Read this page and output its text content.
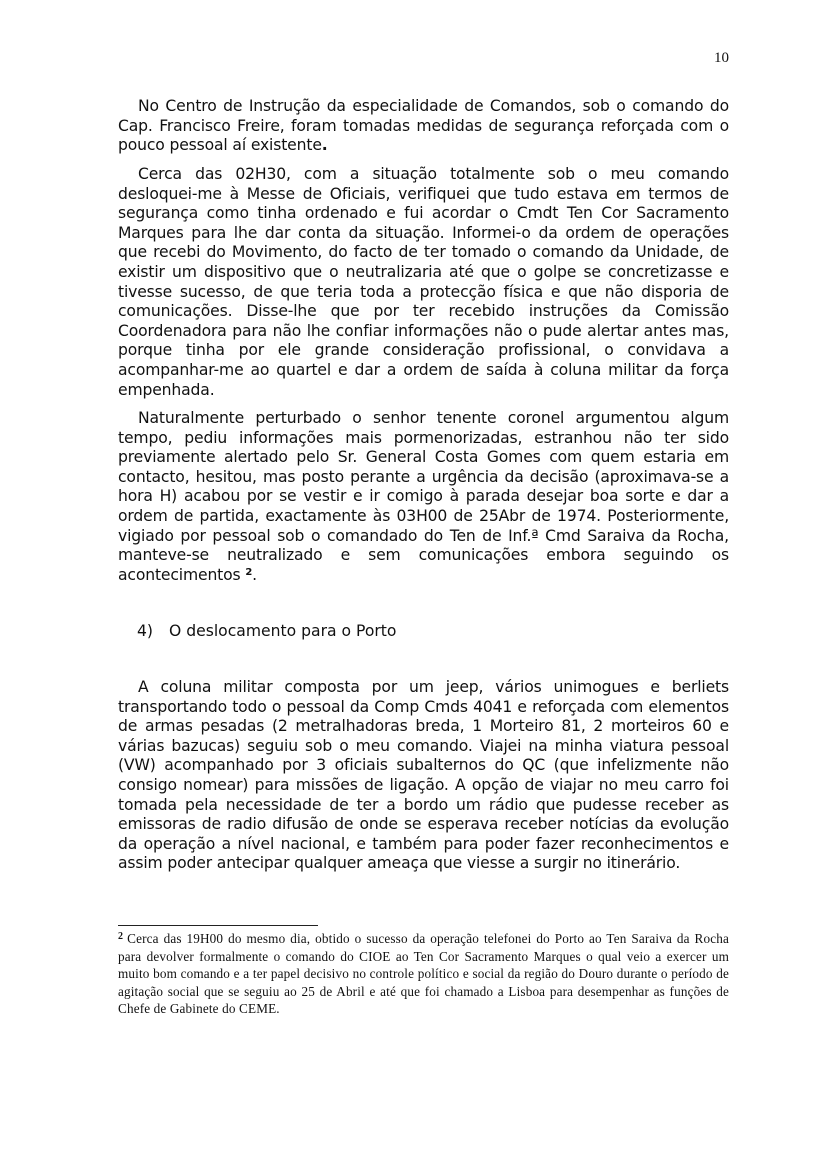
10

No Centro de Instrução da especialidade de Comandos, sob o comando do Cap. Francisco Freire, foram tomadas medidas de segurança reforçada com o pouco pessoal aí existente.

Cerca das 02H30, com a situação totalmente sob o meu comando desloquei-me à Messe de Oficiais, verifiquei que tudo estava em termos de segurança como tinha ordenado e fui acordar o Cmdt Ten Cor Sacramento Marques para lhe dar conta da situação. Informei-o da ordem de operações que recebi do Movimento, do facto de ter tomado o comando da Unidade, de existir um dispositivo que o neutralizaria até que o golpe se concretizasse e tivesse sucesso, de que teria toda a protecção física e que não disporia de comunicações. Disse-lhe que por ter recebido instruções da Comissão Coordenadora para não lhe confiar informações não o pude alertar antes mas, porque tinha por ele grande consideração profissional, o convidava a acompanhar-me ao quartel e dar a ordem de saída à coluna militar da força empenhada.

Naturalmente perturbado o senhor tenente coronel argumentou algum tempo, pediu informações mais pormenorizadas, estranhou não ter sido previamente alertado pelo Sr. General Costa Gomes com quem estaria em contacto, hesitou, mas posto perante a urgência da decisão (aproximava-se a hora H) acabou por se vestir e ir comigo à parada desejar boa sorte e dar a ordem de partida, exactamente às 03H00 de 25Abr de 1974. Posteriormente, vigiado por pessoal sob o comandado do Ten de Inf.ª Cmd Saraiva da Rocha, manteve-se neutralizado e sem comunicações embora seguindo os acontecimentos $^2$.

4) O deslocamento para o Porto

A coluna militar composta por um jeep, vários unimogues e berliets transportando todo o pessoal da Comp Cmds 4041 e reforçada com elementos de armas pesadas (2 metralhadoras breda, 1 Morteiro 81, 2 morteiros 60 e várias bazucas) seguiu sob o meu comando. Viajei na minha viatura pessoal (VW) acompanhado por 3 oficiais subalternos do QC (que infelizmente não consigo nomear) para missões de ligação. A opção de viajar no meu carro foi tomada pela necessidade de ter a bordo um rádio que pudesse receber as emissoras de radio difusão de onde se esperava receber notícias da evolução da operação a nível nacional, e também para poder fazer reconhecimentos e assim poder antecipar qualquer ameaça que viesse a surgir no itinerário.

$^2$ Cerca das 19H00 do mesmo dia, obtido o sucesso da operação telefonei do Porto ao Ten Saraiva da Rocha para devolver formalmente o comando do CIOE ao Ten Cor Sacramento Marques o qual veio a exercer um muito bom comando e a ter papel decisivo no controle político e social da região do Douro durante o período de agitação social que se seguiu ao 25 de Abril e até que foi chamado a Lisboa para desempenhar as funções de Chefe de Gabinete do CEME.
